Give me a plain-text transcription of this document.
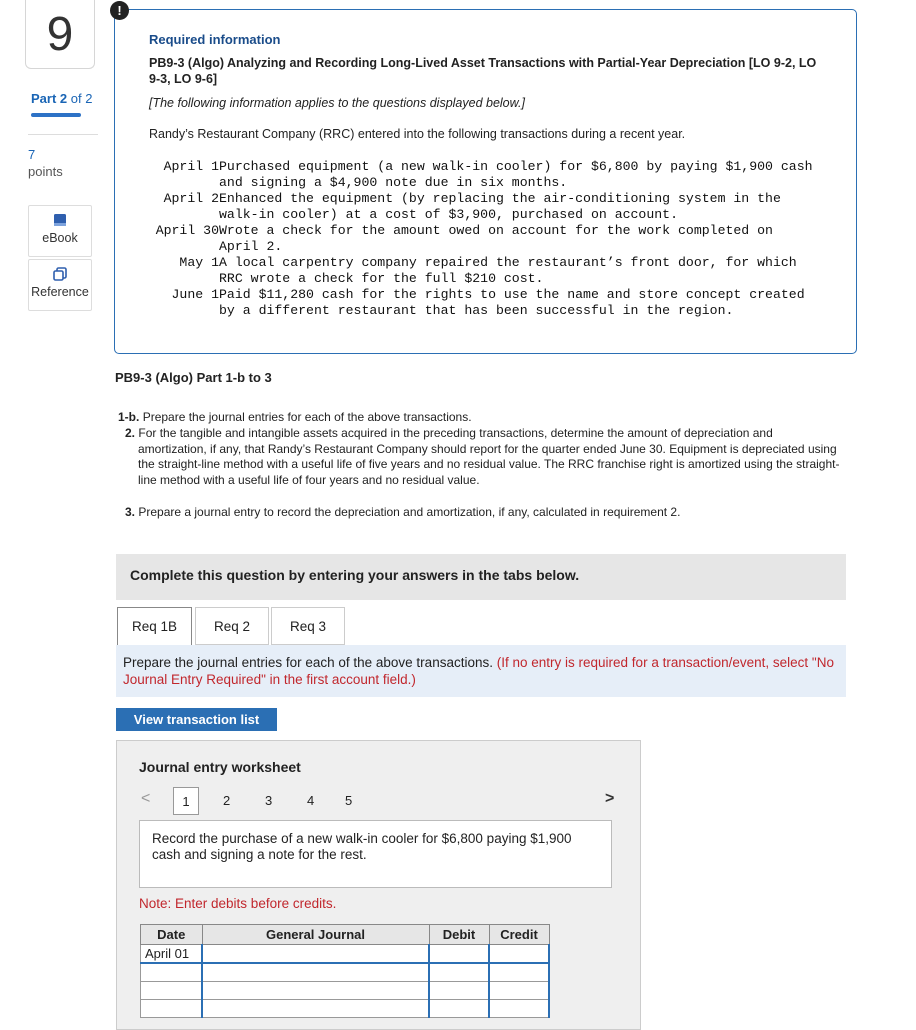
9
Part 2 of 2
7
points
eBook
Reference
Required information
PB9-3 (Algo) Analyzing and Recording Long-Lived Asset Transactions with Partial-Year Depreciation [LO 9-2, LO 9-3, LO 9-6]
[The following information applies to the questions displayed below.]
Randy’s Restaurant Company (RRC) entered into the following transactions during a recent year.
April 1 Purchased equipment (a new walk-in cooler) for $6,800 by paying $1,900 cash and signing a $4,900 note due in six months.
April 2 Enhanced the equipment (by replacing the air-conditioning system in the walk-in cooler) at a cost of $3,900, purchased on account.
April 30 Wrote a check for the amount owed on account for the work completed on April 2.
May 1 A local carpentry company repaired the restaurant’s front door, for which RRC wrote a check for the full $210 cost.
June 1 Paid $11,280 cash for the rights to use the name and store concept created by a different restaurant that has been successful in the region.
!
PB9-3 (Algo) Part 1-b to 3
1-b. Prepare the journal entries for each of the above transactions.
2. For the tangible and intangible assets acquired in the preceding transactions, determine the amount of depreciation and amortization, if any, that Randy’s Restaurant Company should report for the quarter ended June 30. Equipment is depreciated using the straight-line method with a useful life of five years and no residual value. The RRC franchise right is amortized using the straight-line method with a useful life of four years and no residual value.
3. Prepare a journal entry to record the depreciation and amortization, if any, calculated in requirement 2.
Complete this question by entering your answers in the tabs below.
Req 1B	Req 2	Req 3
Prepare the journal entries for each of the above transactions. (If no entry is required for a transaction/event, select "No Journal Entry Required" in the first account field.)
View transaction list
Journal entry worksheet
<	1	2	3	4 5	>
Record the purchase of a new walk-in cooler for $6,800 paying $1,900 cash and signing a note for the rest.
Note: Enter debits before credits.
Date	General Journal	Debit	Credit
April 01			
